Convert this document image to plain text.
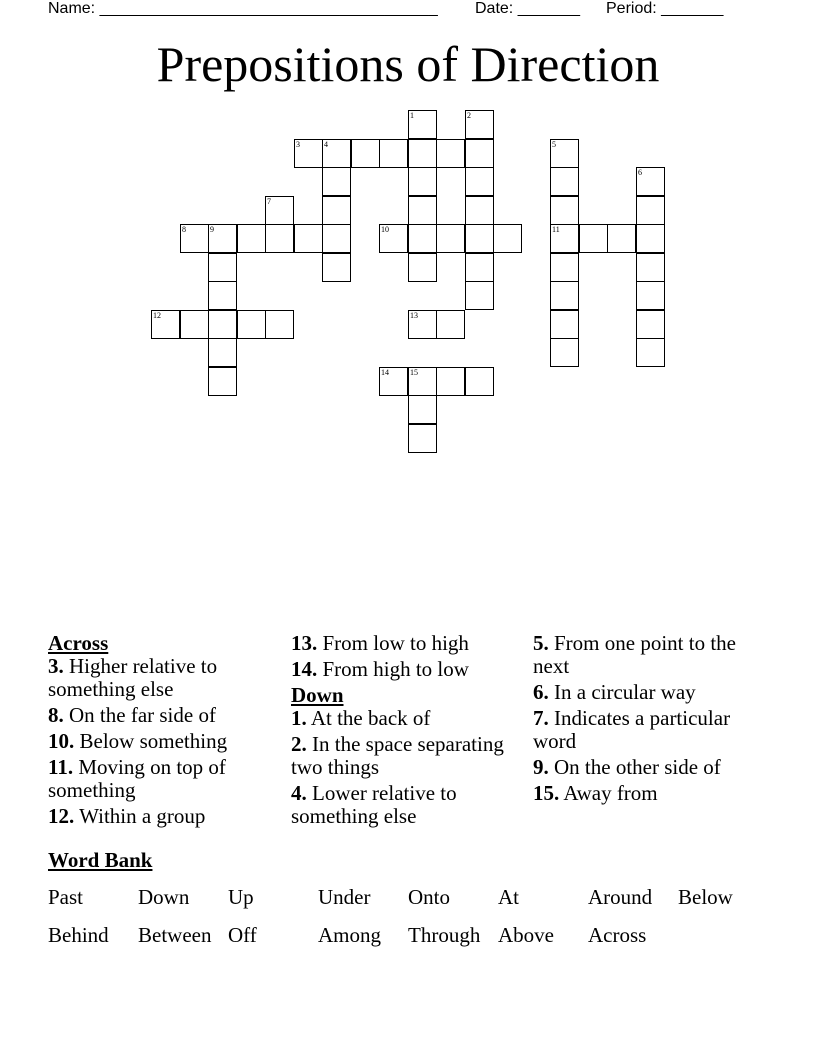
Name: ______________________________________ Date: _______ Period: _______
Prepositions of Direction
1	2
3	4	5
11
6
7
8	9	10
12	13
14	15
Across
3. Higher relative to something else
8. On the far side of
10. Below something
11. Moving on top of something
12. Within a group
13. From low to high
14. From high to low
Down
1. At the back of
2. In the space separating two things
4. Lower relative to something else
5. From one point to the next
6. In a circular way
7. Indicates a particular word
9. On the other side of
15. Away from
Word Bank
Past	Down Up	Under Onto At	Around Below
Behind Between Off	Among Through Above Across
